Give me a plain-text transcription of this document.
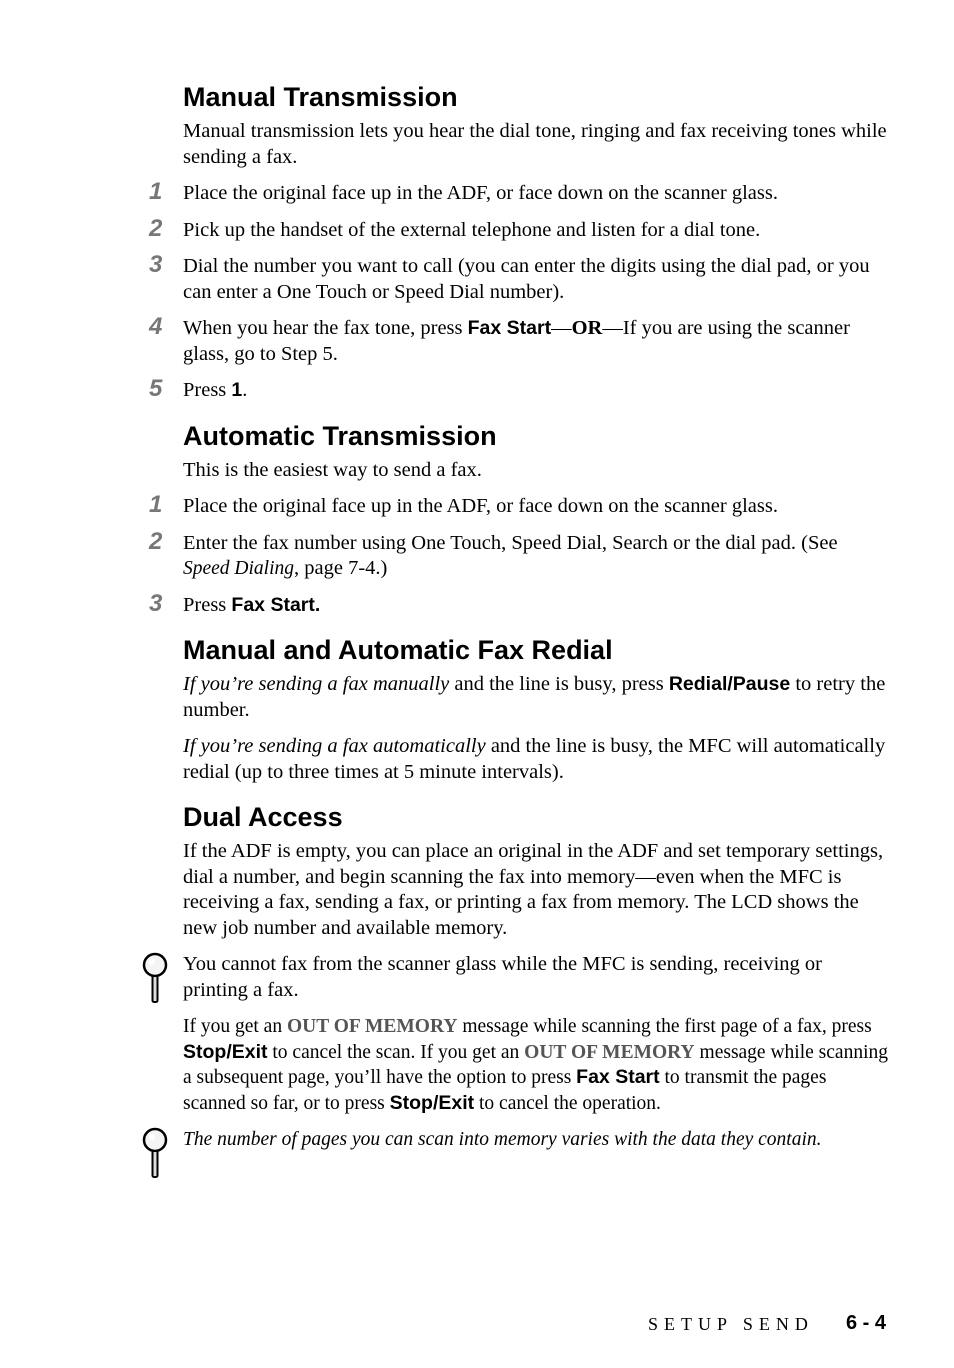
Manual Transmission

Manual transmission lets you hear the dial tone, ringing and fax receiving tones while sending a fax.

1 Place the original face up in the ADF, or face down on the scanner glass.

2 Pick up the handset of the external telephone and listen for a dial tone.

3 Dial the number you want to call (you can enter the digits using the dial pad, or you can enter a One Touch or Speed Dial number).

4 When you hear the fax tone, press Fax Start—OR—If you are using the scanner glass, go to Step 5.

5 Press 1.

Automatic Transmission

This is the easiest way to send a fax.

1 Place the original face up in the ADF, or face down on the scanner glass.

2 Enter the fax number using One Touch, Speed Dial, Search or the dial pad. (See Speed Dialing, page 7-4.)

3 Press Fax Start.

Manual and Automatic Fax Redial

If you’re sending a fax manually and the line is busy, press Redial/Pause to retry the number.

If you’re sending a fax automatically and the line is busy, the MFC will automatically redial (up to three times at 5 minute intervals).

Dual Access

If the ADF is empty, you can place an original in the ADF and set temporary settings, dial a number, and begin scanning the fax into memory—even when the MFC is receiving a fax, sending a fax, or printing a fax from memory. The LCD shows the new job number and available memory.

You cannot fax from the scanner glass while the MFC is sending, receiving or printing a fax.

If you get an OUT OF MEMORY message while scanning the first page of a fax, press Stop/Exit to cancel the scan. If you get an OUT OF MEMORY message while scanning a subsequent page, you’ll have the option to press Fax Start to transmit the pages scanned so far, or to press Stop/Exit to cancel the operation.

The number of pages you can scan into memory varies with the data they contain.

SETUP SEND 6 - 4
